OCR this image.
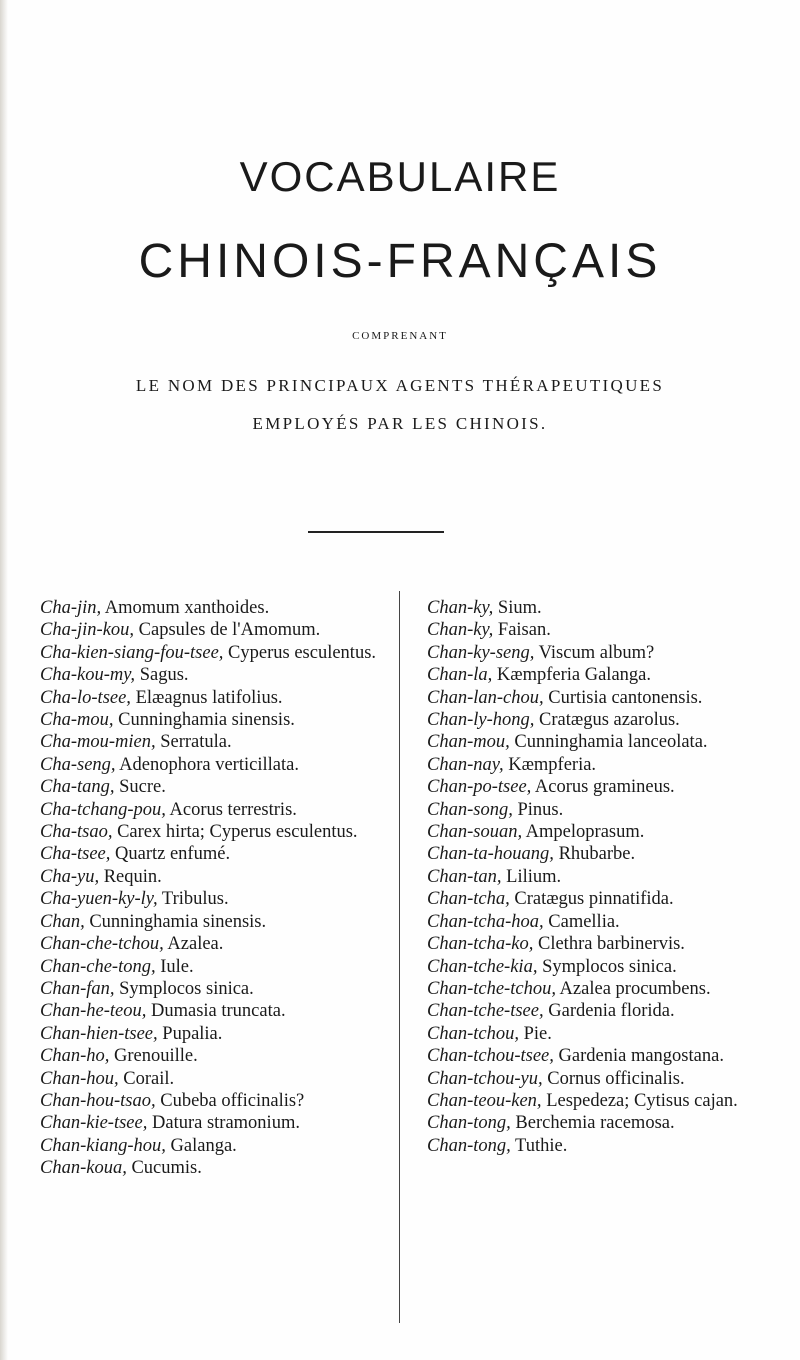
VOCABULAIRE
CHINOIS-FRANÇAIS
COMPRENANT
LE NOM DES PRINCIPAUX AGENTS THÉRAPEUTIQUES
EMPLOYÉS PAR LES CHINOIS.
Cha-jin, Amomum xanthoides.
Cha-jin-kou, Capsules de l'Amomum.
Cha-kien-siang-fou-tsee, Cyperus esculentus.
Cha-kou-my, Sagus.
Cha-lo-tsee, Elæagnus latifolius.
Cha-mou, Cunninghamia sinensis.
Cha-mou-mien, Serratula.
Cha-seng, Adenophora verticillata.
Cha-tang, Sucre.
Cha-tchang-pou, Acorus terrestris.
Cha-tsao, Carex hirta; Cyperus esculentus.
Cha-tsee, Quartz enfumé.
Cha-yu, Requin.
Cha-yuen-ky-ly, Tribulus.
Chan, Cunninghamia sinensis.
Chan-che-tchou, Azalea.
Chan-che-tong, Iule.
Chan-fan, Symplocos sinica.
Chan-he-teou, Dumasia truncata.
Chan-hien-tsee, Pupalia.
Chan-ho, Grenouille.
Chan-hou, Corail.
Chan-hou-tsao, Cubeba officinalis?
Chan-kie-tsee, Datura stramonium.
Chan-kiang-hou, Galanga.
Chan-koua, Cucumis.
Chan-ky, Sium.
Chan-ky, Faisan.
Chan-ky-seng, Viscum album?
Chan-la, Kæmpferia Galanga.
Chan-lan-chou, Curtisia cantonensis.
Chan-ly-hong, Cratægus azarolus.
Chan-mou, Cunninghamia lanceolata.
Chan-nay, Kæmpferia.
Chan-po-tsee, Acorus gramineus.
Chan-song, Pinus.
Chan-souan, Ampeloprasum.
Chan-ta-houang, Rhubarbe.
Chan-tan, Lilium.
Chan-tcha, Cratægus pinnatifida.
Chan-tcha-hoa, Camellia.
Chan-tcha-ko, Clethra barbinervis.
Chan-tche-kia, Symplocos sinica.
Chan-tche-tchou, Azalea procumbens.
Chan-tche-tsee, Gardenia florida.
Chan-tchou, Pie.
Chan-tchou-tsee, Gardenia mangostana.
Chan-tchou-yu, Cornus officinalis.
Chan-teou-ken, Lespedeza; Cytisus cajan.
Chan-tong, Berchemia racemosa.
Chan-tong, Tuthie.
